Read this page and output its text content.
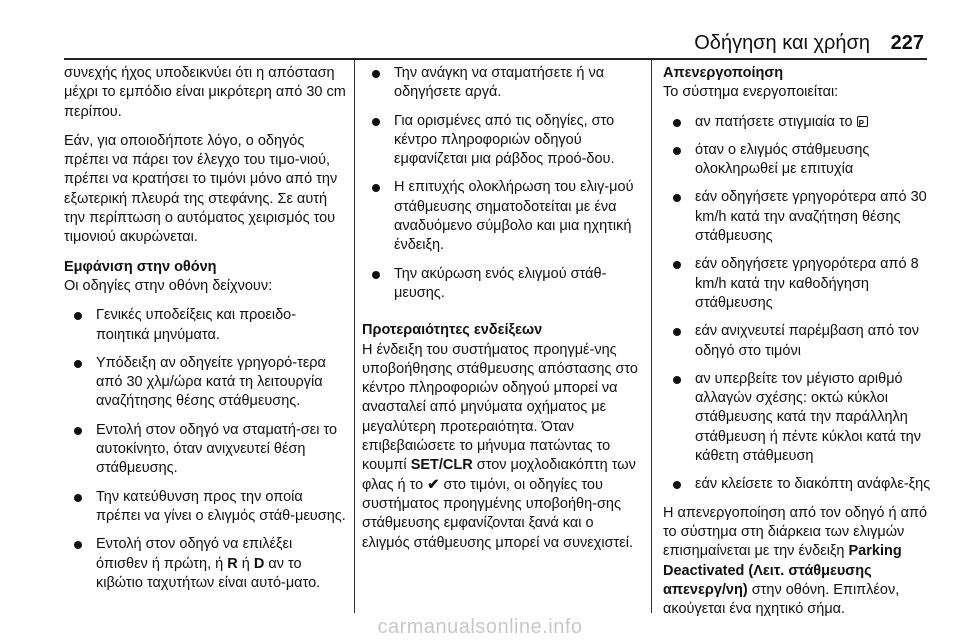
Οδήγηση και χρήση 227

συνεχής ήχος υποδεικνύει ότι η απόσταση μέχρι το εμπόδιο είναι μικρότερη από 30 cm περίπου.

Εάν, για οποιοδήποτε λόγο, ο οδηγός πρέπει να πάρει τον έλεγχο του τιμο-νιού, πρέπει να κρατήσει το τιμόνι μόνο από την εξωτερική πλευρά της στεφάνης. Σε αυτή την περίπτωση ο αυτόματος χειρισμός του τιμονιού ακυρώνεται.

Εμφάνιση στην οθόνη

Οι οδηγίες στην οθόνη δείχνουν:

Γενικές υποδείξεις και προειδο-ποιητικά μηνύματα.
Υπόδειξη αν οδηγείτε γρηγορό-τερα από 30 χλμ/ώρα κατά τη λειτουργία αναζήτησης θέσης στάθμευσης.
Εντολή στον οδηγό να σταματή-σει το αυτοκίνητο, όταν ανιχνευτεί θέση στάθμευσης.
Την κατεύθυνση προς την οποία πρέπει να γίνει ο ελιγμός στάθ-μευσης.
Εντολή στον οδηγό να επιλέξει όπισθεν ή πρώτη, ή R ή D αν το κιβώτιο ταχυτήτων είναι αυτό-ματο.
Την ανάγκη να σταματήσετε ή να οδηγήσετε αργά.
Για ορισμένες από τις οδηγίες, στο κέντρο πληροφοριών οδηγού εμφανίζεται μια ράβδος προό-δου.
Η επιτυχής ολοκλήρωση του ελιγ-μού στάθμευσης σηματοδοτείται με ένα αναδυόμενο σύμβολο και μια ηχητική ένδειξη.
Την ακύρωση ενός ελιγμού στάθ-μευσης.

Προτεραιότητες ενδείξεων

Η ένδειξη του συστήματος προηγμέ-νης υποβοήθησης στάθμευσης απόστασης στο κέντρο πληροφοριών οδηγού μπορεί να ανασταλεί από μηνύματα οχήματος με μεγαλύτερη προτεραιότητα. Όταν επιβεβαιώσετε το μήνυμα πατώντας το κουμπί SET/CLR στον μοχλοδιακόπτη των φλας ή το ✔ στο τιμόνι, οι οδηγίες του συστήματος προηγμένης υποβοήθη-σης στάθμευσης εμφανίζονται ξανά και ο ελιγμός στάθμευσης μπορεί να συνεχιστεί.

Απενεργοποίηση

Το σύστημα ενεργοποιείται:

αν πατήσετε στιγμιαία το P
όταν ο ελιγμός στάθμευσης ολοκληρωθεί με επιτυχία
εάν οδηγήσετε γρηγορότερα από 30 km/h κατά την αναζήτηση θέσης στάθμευσης
εάν οδηγήσετε γρηγορότερα από 8 km/h κατά την καθοδήγηση στάθμευσης
εάν ανιχνευτεί παρέμβαση από τον οδηγό στο τιμόνι
αν υπερβείτε τον μέγιστο αριθμό αλλαγών σχέσης: οκτώ κύκλοι στάθμευσης κατά την παράλληλη στάθμευση ή πέντε κύκλοι κατά την κάθετη στάθμευση
εάν κλείσετε το διακόπτη ανάφλε-ξης

Η απενεργοποίηση από τον οδηγό ή από το σύστημα στη διάρκεια των ελιγμών επισημαίνεται με την ένδειξη Parking Deactivated (Λειτ. στάθμευσης απενεργ/νη) στην οθόνη. Επιπλέον, ακούγεται ένα ηχητικό σήμα.

carmanualsonline.info
